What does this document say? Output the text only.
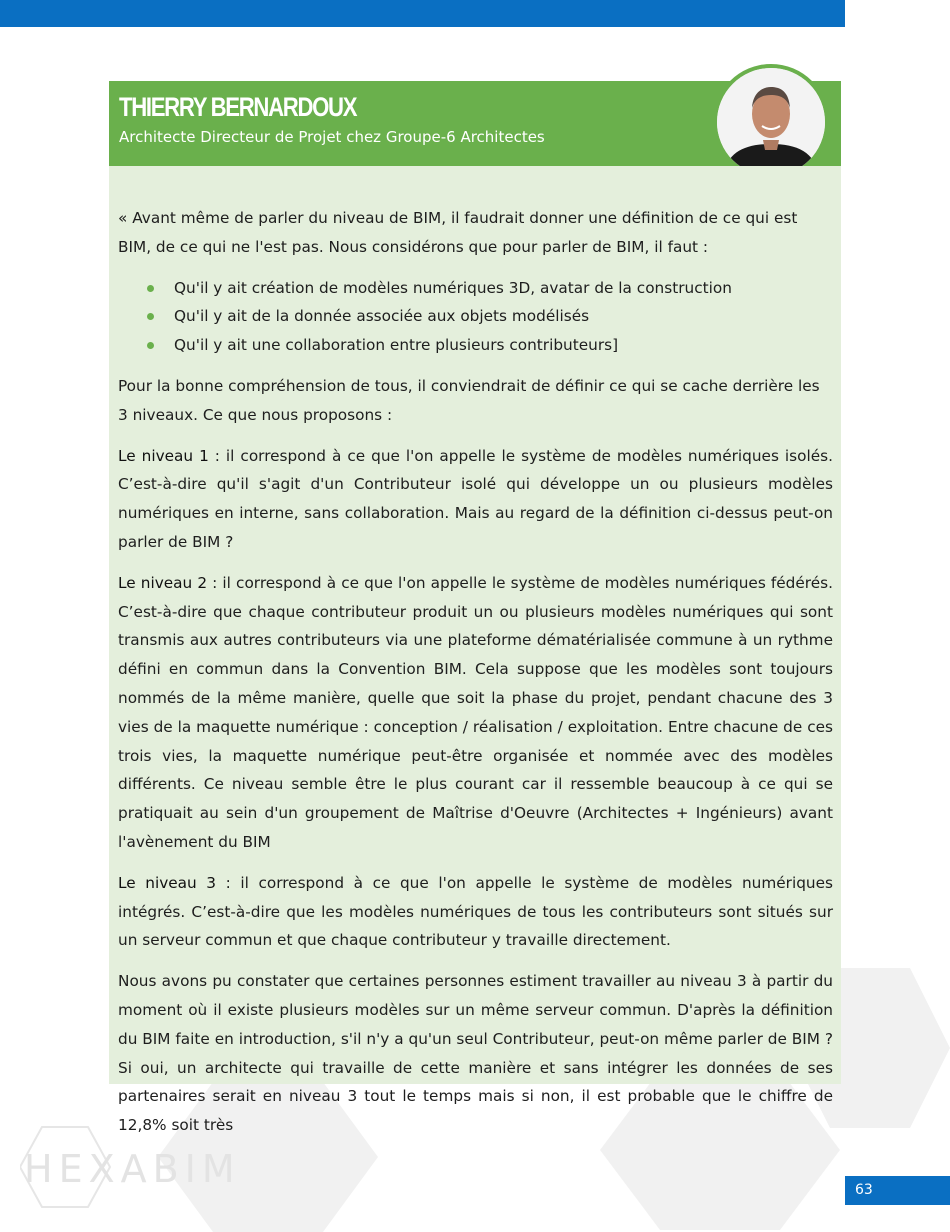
HEXABIM
THIERRY BERNARDOUX
Architecte Directeur de Projet chez Groupe-6 Architectes

« Avant même de parler du niveau de BIM, il faudrait donner une définition de ce qui est BIM, de ce qui ne l'est pas. Nous considérons que pour parler de BIM, il faut :

Qu'il y ait création de modèles numériques 3D, avatar de la construction
Qu'il y ait de la donnée associée aux objets modélisés
Qu'il y ait une collaboration entre plusieurs contributeurs]

Pour la bonne compréhension de tous, il conviendrait de définir ce qui se cache derrière les 3 niveaux. Ce que nous proposons :

Le niveau 1 : il correspond à ce que l'on appelle le système de modèles numériques isolés. C’est-à-dire qu'il s'agit d'un Contributeur isolé qui développe un ou plusieurs modèles numériques en interne, sans collaboration. Mais au regard de la définition ci-dessus peut-on parler de BIM ?

Le niveau 2 : il correspond à ce que l'on appelle le système de modèles numériques fédérés. C’est-à-dire que chaque contributeur produit un ou plusieurs modèles numériques qui sont transmis aux autres contributeurs via une plateforme dématérialisée commune à un rythme défini en commun dans la Convention BIM. Cela suppose que les modèles sont toujours nommés de la même manière, quelle que soit la phase du projet, pendant chacune des 3 vies de la maquette numérique : conception / réalisation / exploitation. Entre chacune de ces trois vies, la maquette numérique peut-être organisée et nommée avec des modèles différents. Ce niveau semble être le plus courant car il ressemble beaucoup à ce qui se pratiquait au sein d'un groupement de Maîtrise d'Oeuvre (Architectes + Ingénieurs) avant l'avènement du BIM

Le niveau 3 : il correspond à ce que l'on appelle le système de modèles numériques intégrés. C’est-à-dire que les modèles numériques de tous les contributeurs sont situés sur un serveur commun et que chaque contributeur y travaille directement.

Nous avons pu constater que certaines personnes estiment travailler au niveau 3 à partir du moment où il existe plusieurs modèles sur un même serveur commun. D'après la définition du BIM faite en introduction, s'il n'y a qu'un seul Contributeur, peut-on même parler de BIM ? Si oui, un architecte qui travaille de cette manière et sans intégrer les données de ses partenaires serait en niveau 3 tout le temps mais si non, il est probable que le chiffre de 12,8% soit très

63
